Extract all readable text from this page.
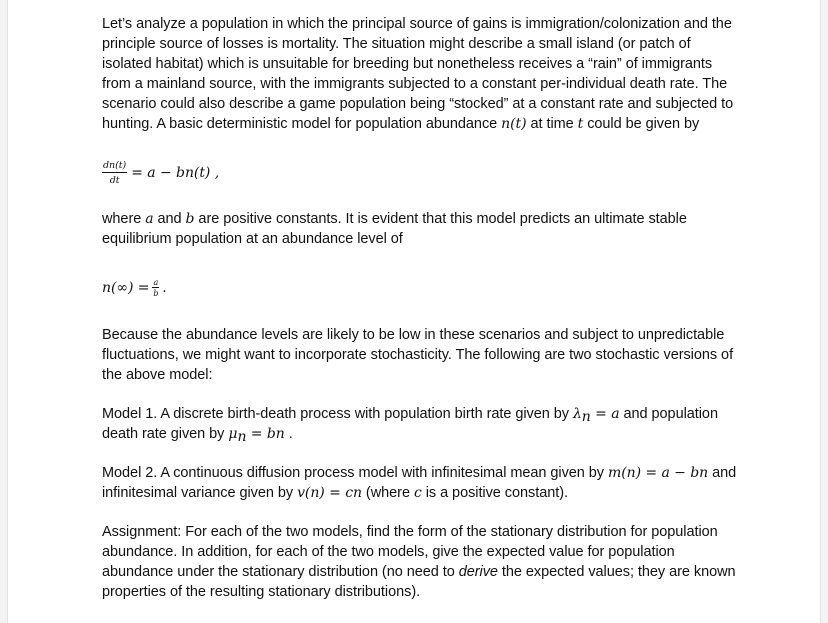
Let’s analyze a population in which the principal source of gains is immigration/colonization and the principle source of losses is mortality. The situation might describe a small island (or patch of isolated habitat) which is unsuitable for breeding but nonetheless receives a “rain” of immigrants from a mainland source, with the immigrants subjected to a constant per-individual death rate. The scenario could also describe a game population being “stocked” at a constant rate and subjected to hunting. A basic deterministic model for population abundance n(t) at time t could be given by

$\frac{dn(t)}{dt} = a - bn(t)$ ,

where a and b are positive constants. It is evident that this model predicts an ultimate stable equilibrium population at an abundance level of

$n(\infty) = \frac{a}{b}$ .

Because the abundance levels are likely to be low in these scenarios and subject to unpredictable fluctuations, we might want to incorporate stochasticity. The following are two stochastic versions of the above model:

Model 1. A discrete birth-death process with population birth rate given by $\lambda_n = a$ and population death rate given by $\mu_n$ = bn .

Model 2. A continuous diffusion process model with infinitesimal mean given by m(n) = a − bn and infinitesimal variance given by v(n) = cn (where c is a positive constant).

Assignment: For each of the two models, find the form of the stationary distribution for population abundance. In addition, for each of the two models, give the expected value for population abundance under the stationary distribution (no need to derive the expected values; they are known properties of the resulting stationary distributions).
